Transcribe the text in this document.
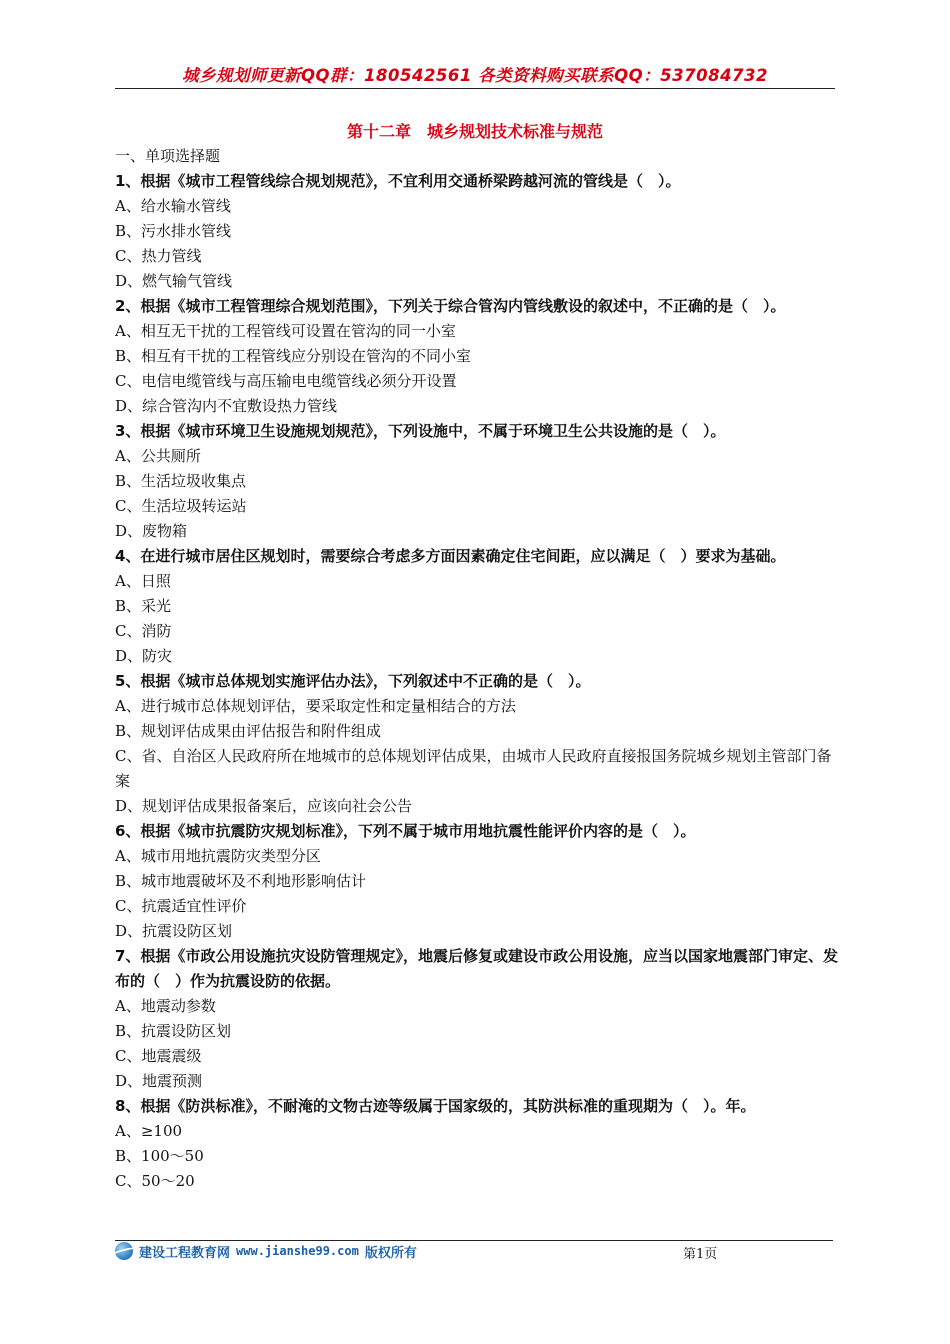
城乡规划师更新QQ群：180542561 各类资料购买联系QQ：537084732
第十二章　城乡规划技术标准与规范
一、单项选择题
1、根据《城市工程管线综合规划规范》，不宜利用交通桥梁跨越河流的管线是（　）。
A、给水输水管线
B、污水排水管线
C、热力管线
D、燃气输气管线
2、根据《城市工程管理综合规划范围》，下列关于综合管沟内管线敷设的叙述中，不正确的是（　）。
A、相互无干扰的工程管线可设置在管沟的同一小室
B、相互有干扰的工程管线应分别设在管沟的不同小室
C、电信电缆管线与高压输电电缆管线必须分开设置
D、综合管沟内不宜敷设热力管线
3、根据《城市环境卫生设施规划规范》，下列设施中，不属于环境卫生公共设施的是（　）。
A、公共厕所
B、生活垃圾收集点
C、生活垃圾转运站
D、废物箱
4、在进行城市居住区规划时，需要综合考虑多方面因素确定住宅间距，应以满足（　）要求为基础。
A、日照
B、采光
C、消防
D、防灾
5、根据《城市总体规划实施评估办法》，下列叙述中不正确的是（　）。
A、进行城市总体规划评估，要采取定性和定量相结合的方法
B、规划评估成果由评估报告和附件组成
C、省、自治区人民政府所在地城市的总体规划评估成果，由城市人民政府直接报国务院城乡规划主管部门备案
D、规划评估成果报备案后，应该向社会公告
6、根据《城市抗震防灾规划标准》，下列不属于城市用地抗震性能评价内容的是（　）。
A、城市用地抗震防灾类型分区
B、城市地震破坏及不利地形影响估计
C、抗震适宜性评价
D、抗震设防区划
7、根据《市政公用设施抗灾设防管理规定》，地震后修复或建设市政公用设施，应当以国家地震部门审定、发布的（　）作为抗震设防的依据。
A、地震动参数
B、抗震设防区划
C、地震震级
D、地震预测
8、根据《防洪标准》，不耐淹的文物古迹等级属于国家级的，其防洪标准的重现期为（　）。年。
A、≥100
B、100～50
C、50～20
建设工程教育网 www.jianshe99.com 版权所有	第1页
